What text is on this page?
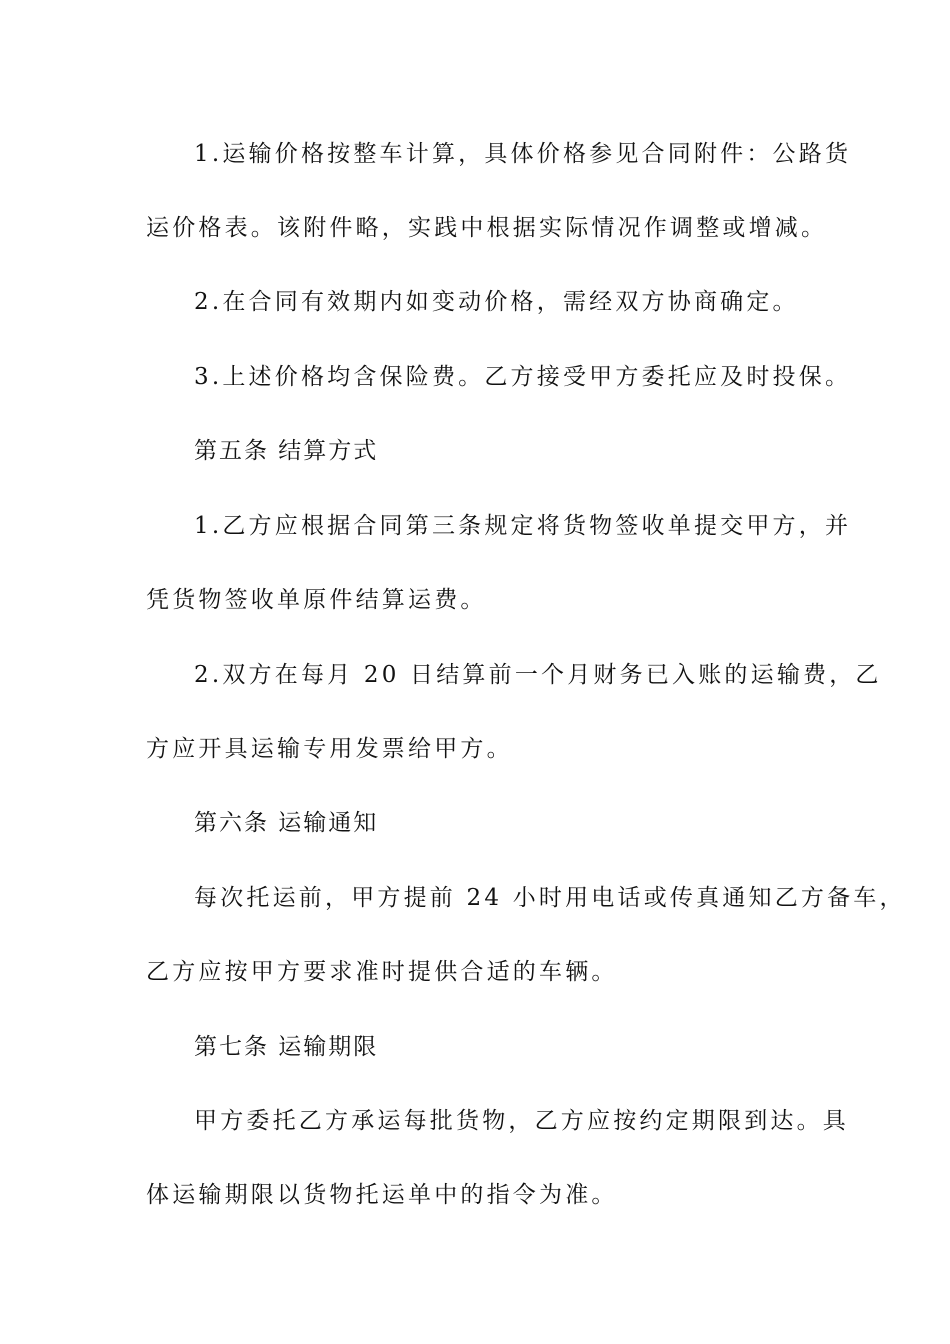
1.运输价格按整车计算，具体价格参见合同附件：公路货
运价格表。该附件略，实践中根据实际情况作调整或增减。
2.在合同有效期内如变动价格，需经双方协商确定。
3.上述价格均含保险费。乙方接受甲方委托应及时投保。
第五条 结算方式
1.乙方应根据合同第三条规定将货物签收单提交甲方，并
凭货物签收单原件结算运费。
2.双方在每月 20 日结算前一个月财务已入账的运输费，乙
方应开具运输专用发票给甲方。
第六条 运输通知
每次托运前，甲方提前 24 小时用电话或传真通知乙方备车，
乙方应按甲方要求准时提供合适的车辆。
第七条 运输期限
甲方委托乙方承运每批货物，乙方应按约定期限到达。具
体运输期限以货物托运单中的指令为准。
